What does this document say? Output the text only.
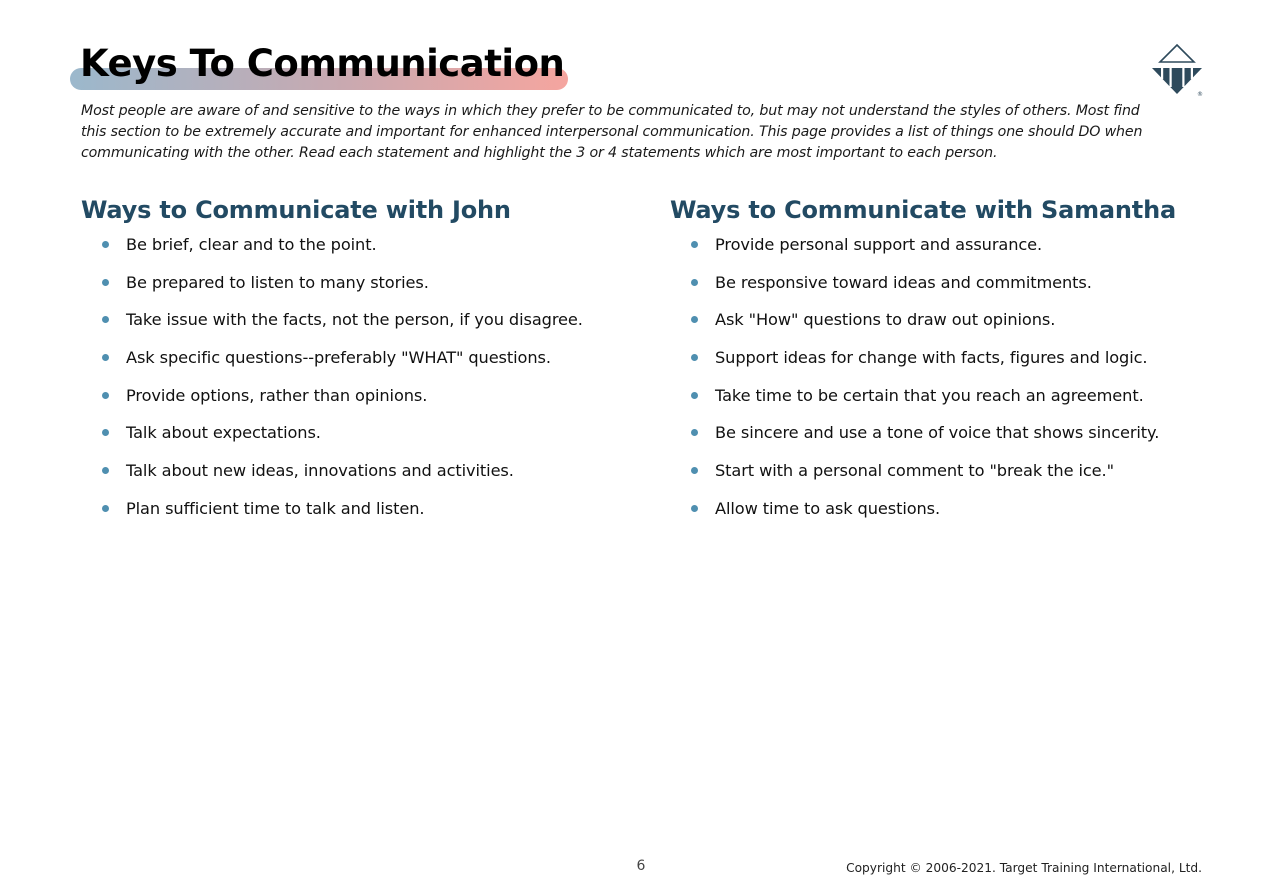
Keys To Communication
®

Most people are aware of and sensitive to the ways in which they prefer to be communicated to, but may not understand the styles of others. Most find this section to be extremely accurate and important for enhanced interpersonal communication. This page provides a list of things one should DO when communicating with the other. Read each statement and highlight the 3 or 4 statements which are most important to each person.

Ways to Communicate with John
Be brief, clear and to the point.
Be prepared to listen to many stories.
Take issue with the facts, not the person, if you disagree.
Ask specific questions--preferably "WHAT" questions.
Provide options, rather than opinions.
Talk about expectations.
Talk about new ideas, innovations and activities.
Plan sufficient time to talk and listen.
Ways to Communicate with Samantha
Provide personal support and assurance.
Be responsive toward ideas and commitments.
Ask "How" questions to draw out opinions.
Support ideas for change with facts, figures and logic.
Take time to be certain that you reach an agreement.
Be sincere and use a tone of voice that shows sincerity.
Start with a personal comment to "break the ice."
Allow time to ask questions.
6	Copyright © 2006-2021. Target Training International, Ltd.
